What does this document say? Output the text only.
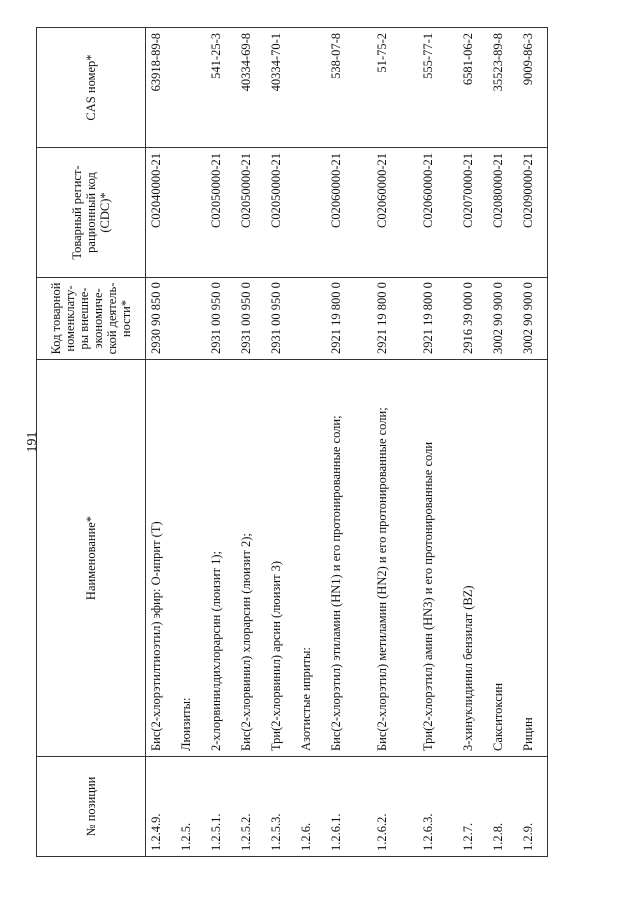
191
№ позиции	Наименование*	Код товарной номенклату-ры внешне-экономиче-ской деятель-ности*	Товарный регист-рационный код (CDC)*	CAS номер*
1.2.4.9.	Бис(2-хлорэтилтиоэтил) эфир: О-иприт (Т)	2930 90 850 0	C02040000-21	63918-89-8
1.2.5.	Люизиты:			
1.2.5.1.	2-хлорвинилдихлорарсин (люизит 1);	2931 00 950 0	C02050000-21	541-25-3
1.2.5.2.	Бис(2-хлорвинил) хлорарсин (люизит 2);	2931 00 950 0	C02050000-21	40334-69-8
1.2.5.3.	Три(2-хлорвинил) арсин (люизит 3)	2931 00 950 0	C02050000-21	40334-70-1
1.2.6.	Азотистые иприты:			
1.2.6.1.	Бис(2-хлорэтил) этиламин (HN1) и его протонированные соли;	2921 19 800 0	C02060000-21	538-07-8
1.2.6.2.	Бис(2-хлорэтил) метиламин (HN2) и его протонированные соли;	2921 19 800 0	C02060000-21	51-75-2
1.2.6.3.	Три(2-хлорэтил) амин (HN3) и его протонированные соли	2921 19 800 0	C02060000-21	555-77-1
1.2.7.	3-хинуклидинил бензилат (BZ)	2916 39 000 0	C02070000-21	6581-06-2
1.2.8.	Сакситоксин	3002 90 900 0	C02080000-21	35523-89-8
1.2.9.	Рицин	3002 90 900 0	C02090000-21	9009-86-3
